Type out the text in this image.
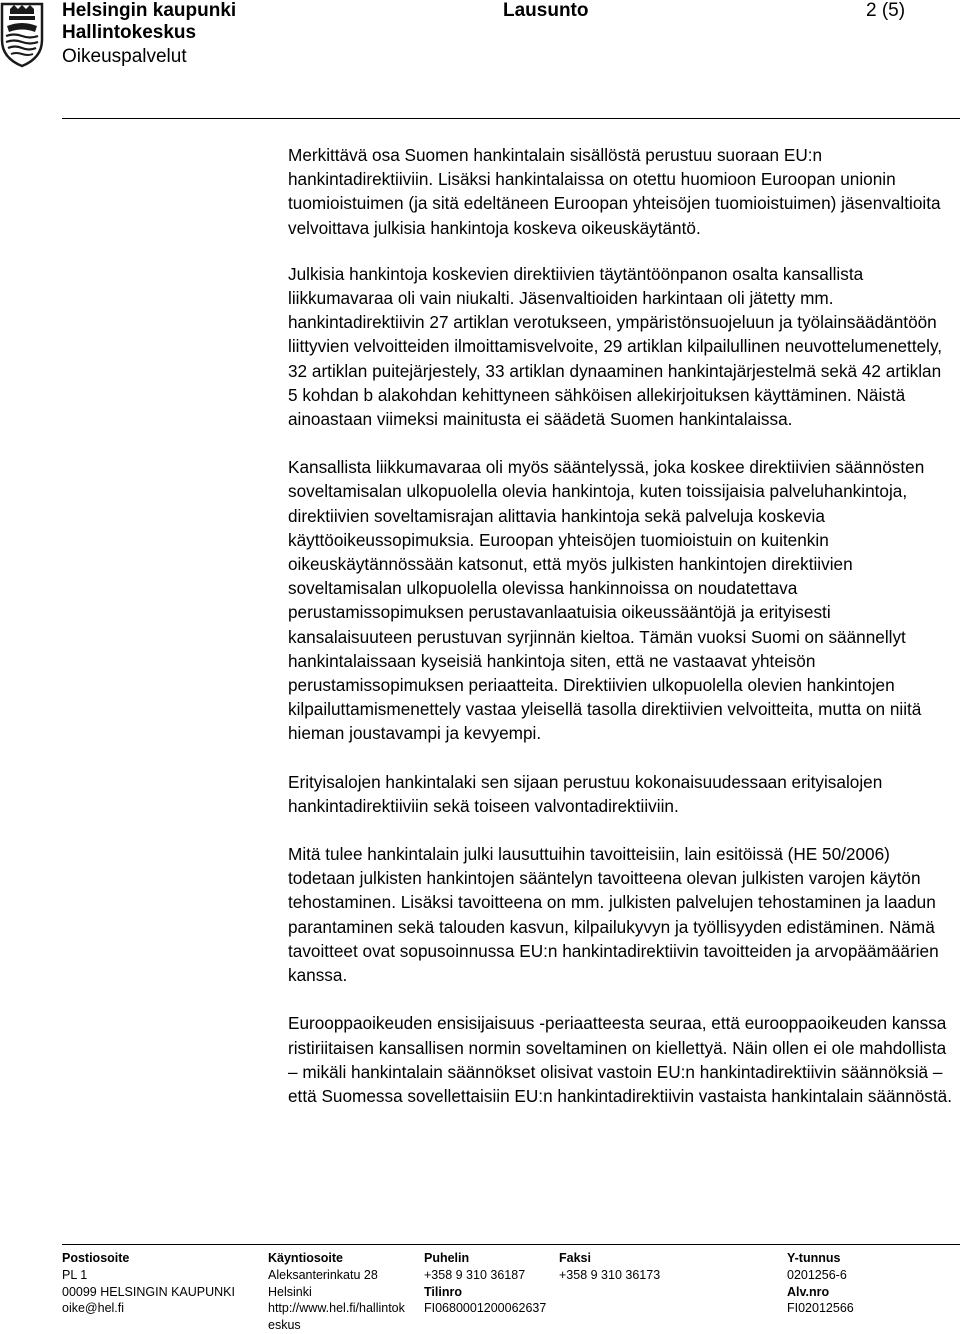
Helsingin kaupunki
Hallintokeskus
Oikeuspalvelut
Lausunto	2 (5)

Merkittävä osa Suomen hankintalain sisällöstä perustuu suoraan EU:n hankintadirektiiviin. Lisäksi hankintalaissa on otettu huomioon Euroopan unionin tuomioistuimen (ja sitä edeltäneen Euroopan yhteisöjen tuomioistuimen) jäsenvaltioita velvoittava julkisia hankintoja koskeva oikeuskäytäntö.

Julkisia hankintoja koskevien direktiivien täytäntöönpanon osalta kansallista liikkumavaraa oli vain niukalti. Jäsenvaltioiden harkintaan oli jätetty mm. hankintadirektiivin 27 artiklan verotukseen, ympäristönsuojeluun ja työlainsäädäntöön liittyvien velvoitteiden ilmoittamisvelvoite, 29 artiklan kilpailullinen neuvottelumenettely, 32 artiklan puitejärjestely, 33 artiklan dynaaminen hankintajärjestelmä sekä 42 artiklan 5 kohdan b alakohdan kehittyneen sähköisen allekirjoituksen käyttäminen. Näistä ainoastaan viimeksi mainitusta ei säädetä Suomen hankintalaissa.

Kansallista liikkumavaraa oli myös sääntelyssä, joka koskee direktiivien säännösten soveltamisalan ulkopuolella olevia hankintoja, kuten toissijaisia palveluhankintoja, direktiivien soveltamisrajan alittavia hankintoja sekä palveluja koskevia käyttöoikeussopimuksia. Euroopan yhteisöjen tuomioistuin on kuitenkin oikeuskäytännössään katsonut, että myös julkisten hankintojen direktiivien soveltamisalan ulkopuolella olevissa hankinnoissa on noudatettava perustamissopimuksen perustavanlaatuisia oikeussääntöjä ja erityisesti kansalaisuuteen perustuvan syrjinnän kieltoa. Tämän vuoksi Suomi on säännellyt hankintalaissaan kyseisiä hankintoja siten, että ne vastaavat yhteisön perustamissopimuksen periaatteita. Direktiivien ulkopuolella olevien hankintojen kilpailuttamismenettely vastaa yleisellä tasolla direktiivien velvoitteita, mutta on niitä hieman joustavampi ja kevyempi.

Erityisalojen hankintalaki sen sijaan perustuu kokonaisuudessaan erityisalojen hankintadirektiiviin sekä toiseen valvontadirektiiviin.

Mitä tulee hankintalain julki lausuttuihin tavoitteisiin, lain esitöissä (HE 50/2006) todetaan julkisten hankintojen sääntelyn tavoitteena olevan julkisten varojen käytön tehostaminen. Lisäksi tavoitteena on mm. julkisten palvelujen tehostaminen ja laadun parantaminen sekä talouden kasvun, kilpailukyvyn ja työllisyyden edistäminen. Nämä tavoitteet ovat sopusoinnussa EU:n hankintadirektiivin tavoitteiden ja arvopäämäärien kanssa.

Eurooppaoikeuden ensisijaisuus -periaatteesta seuraa, että eurooppaoikeuden kanssa ristiriitaisen kansallisen normin soveltaminen on kiellettyä. Näin ollen ei ole mahdollista – mikäli hankintalain säännökset olisivat vastoin EU:n hankintadirektiivin säännöksiä – että Suomessa sovellettaisiin EU:n hankintadirektiivin vastaista hankintalain säännöstä.

Postiosoite
PL 1
00099 HELSINGIN KAUPUNKI
oike@hel.fi
Käyntiosoite
Aleksanterinkatu 28
Helsinki
http://www.hel.fi/hallintok
eskus
Puhelin
+358 9 310 36187
Tilinro
FI0680001200062637
Faksi
+358 9 310 36173
Y-tunnus
0201256-6
Alv.nro
FI02012566
